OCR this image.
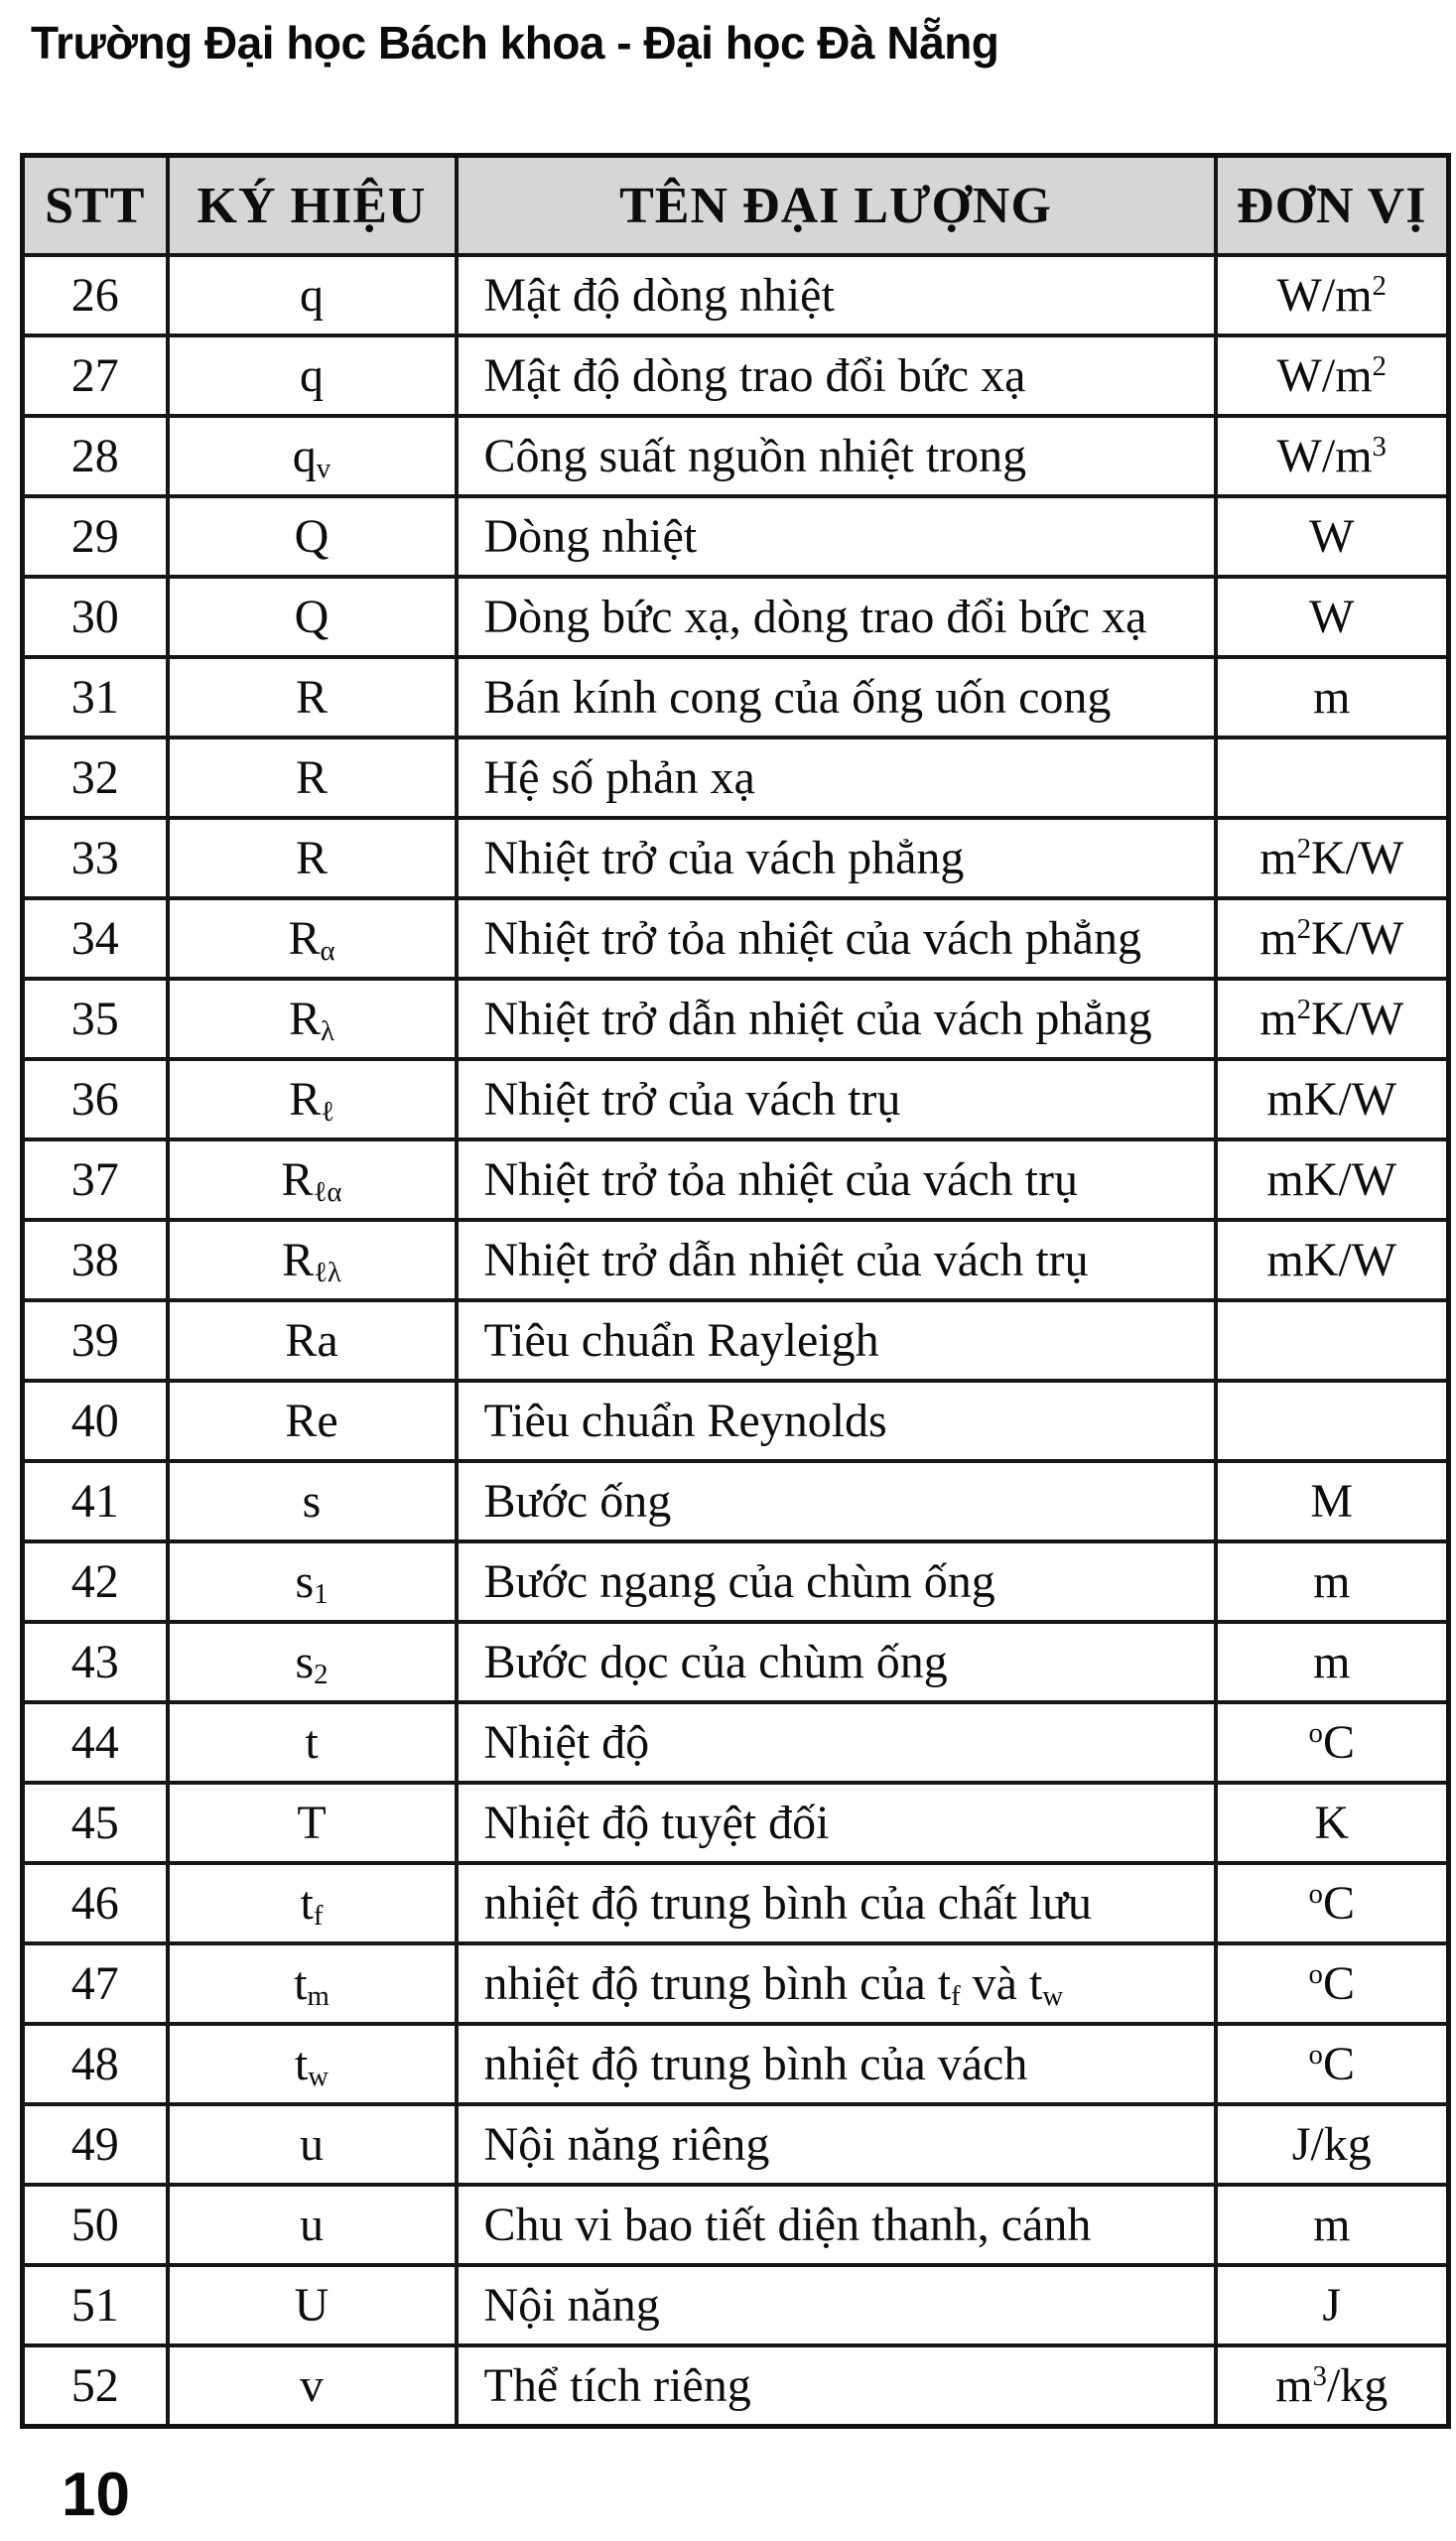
Trường Đại học Bách khoa - Đại học Đà Nẵng
STT	KÝ HIỆU	TÊN ĐẠI LƯỢNG	ĐƠN VỊ
26	q	Mật độ dòng nhiệt	$W/m^2$
27	q	Mật độ dòng trao đổi bức xạ	$W/m^2$
28	$q_v$	Công suất nguồn nhiệt trong	$W/m^3$
29	Q	Dòng nhiệt	W
30	Q	Dòng bức xạ, dòng trao đổi bức xạ	W
31	R	Bán kính cong của ống uốn cong	m
32	R	Hệ số phản xạ	
33	R	Nhiệt trở của vách phẳng	$m^2K/W$
34	$R_\alpha$	Nhiệt trở tỏa nhiệt của vách phẳng	$m^2K/W$
35	$R_\lambda$	Nhiệt trở dẫn nhiệt của vách phẳng	$m^2K/W$
36	$R_\ell$	Nhiệt trở của vách trụ	mK/W
37	$R_{\ell\alpha}$	Nhiệt trở tỏa nhiệt của vách trụ	mK/W
38	$R_{\ell\lambda}$	Nhiệt trở dẫn nhiệt của vách trụ	mK/W
39	Ra	Tiêu chuẩn Rayleigh	
40	Re	Tiêu chuẩn Reynolds	
41	s	Bước ống	M
42	$s_1$	Bước ngang của chùm ống	m
43	$s_2$	Bước dọc của chùm ống	m
44	t	Nhiệt độ	$^o$C
45	T	Nhiệt độ tuyệt đối	K
46	$t_f$	nhiệt độ trung bình của chất lưu	$^o$C
47	$t_m$	nhiệt độ trung bình của $t_f$ và $t_w$	$^o$C
48	$t_w$	nhiệt độ trung bình của vách	$^o$C
49	u	Nội năng riêng	J/kg
50	u	Chu vi bao tiết diện thanh, cánh	m
51	U	Nội năng	J
52	v	Thể tích riêng	$m^3/kg$
10
